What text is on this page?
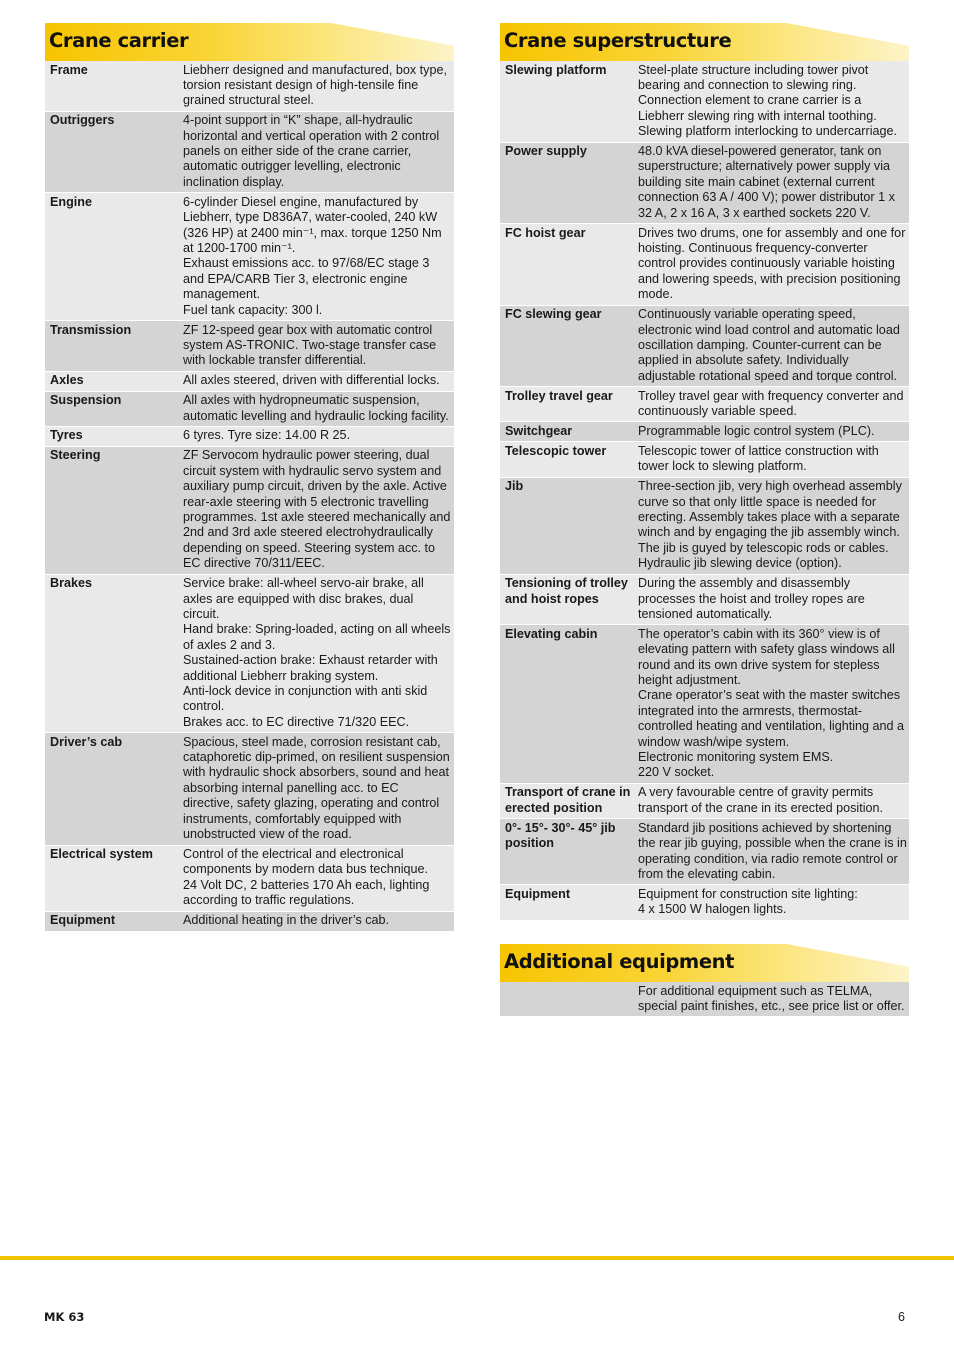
Crane carrier
Frame	Liebherr designed and manufactured, box type, torsion resistant design of high-tensile fine grained structural steel.
Outriggers	4-point support in “K” shape, all-hydraulic horizontal and vertical operation with 2 control panels on either side of the crane carrier, automatic outrigger levelling, electronic inclination display.
Engine	6-cylinder Diesel engine, manufactured by Liebherr, type D836A7, water-cooled, 240 kW (326 HP) at 2400 min⁻¹, max. torque 1250 Nm at 1200-1700 min⁻¹.
Exhaust emissions acc. to 97/68/EC stage 3 and EPA/CARB Tier 3, electronic engine management.
Fuel tank capacity: 300 l.
Transmission	ZF 12-speed gear box with automatic control system AS-TRONIC. Two-stage transfer case with lockable transfer differential.
Axles	All axles steered, driven with differential locks.
Suspension	All axles with hydropneumatic suspension, automatic levelling and hydraulic locking facility.
Tyres	6 tyres. Tyre size: 14.00 R 25.
Steering	ZF Servocom hydraulic power steering, dual circuit system with hydraulic servo system and auxiliary pump circuit, driven by the axle. Active rear-axle steering with 5 electronic travelling programmes. 1st axle steered mechanically and 2nd and 3rd axle steered electrohydraulically depending on speed. Steering system acc. to EC directive 70/311/EEC.
Brakes	Service brake: all-wheel servo-air brake, all axles are equipped with disc brakes, dual circuit.
Hand brake: Spring-loaded, acting on all wheels of axles 2 and 3.
Sustained-action brake: Exhaust retarder with additional Liebherr braking system.
Anti-lock device in conjunction with anti skid control.
Brakes acc. to EC directive 71/320 EEC.
Driver’s cab	Spacious, steel made, corrosion resistant cab, cataphoretic dip-primed, on resilient suspension with hydraulic shock absorbers, sound and heat absorbing internal panelling acc. to EC directive, safety glazing, operating and control instruments, comfortably equipped with unobstructed view of the road.
Electrical system	Control of the electrical and electronical components by modern data bus technique.
24 Volt DC, 2 batteries 170 Ah each, lighting according to traffic regulations.
Equipment	Additional heating in the driver’s cab.
Crane superstructure
Slewing platform	Steel-plate structure including tower pivot bearing and connection to slewing ring. Connection element to crane carrier is a Liebherr slewing ring with internal toothing. Slewing platform interlocking to undercarriage.
Power supply	48.0 kVA diesel-powered generator, tank on superstructure; alternatively power supply via building site main cabinet (external current connection 63 A / 400 V); power distributor 1 x 32 A, 2 x 16 A, 3 x earthed sockets 220 V.
FC hoist gear	Drives two drums, one for assembly and one for hoisting. Continuous frequency-converter control provides continuously variable hoisting and lowering speeds, with precision positioning mode.
FC slewing gear	Continuously variable operating speed, electronic wind load control and automatic load oscillation damping. Counter-current can be applied in absolute safety. Individually adjustable rotational speed and torque control.
Trolley travel gear	Trolley travel gear with frequency converter and continuously variable speed.
Switchgear	Programmable logic control system (PLC).
Telescopic tower	Telescopic tower of lattice construction with tower lock to slewing platform.
Jib	Three-section jib, very high overhead assembly curve so that only little space is needed for erecting. Assembly takes place with a separate winch and by engaging the jib assembly winch. The jib is guyed by telescopic rods or cables. Hydraulic jib slewing device (option).
Tensioning of trolley and hoist ropes	During the assembly and disassembly processes the hoist and trolley ropes are tensioned automatically.
Elevating cabin	The operator’s cabin with its 360° view is of elevating pattern with safety glass windows all round and its own drive system for stepless height adjustment.
Crane operator’s seat with the master switches integrated into the armrests, thermostat-controlled heating and ventilation, lighting and a window wash/wipe system.
Electronic monitoring system EMS.
220 V socket.
Transport of crane in erected position	A very favourable centre of gravity permits transport of the crane in its erected position.
0°- 15°- 30°- 45° jib position	Standard jib positions achieved by shortening the rear jib guying, possible when the crane is in operating condition, via radio remote control or from the elevating cabin.
Equipment	Equipment for construction site lighting:
4 x 1500 W halogen lights.
Additional equipment
	For additional equipment such as TELMA, special paint finishes, etc., see price list or offer.
MK 63	6
